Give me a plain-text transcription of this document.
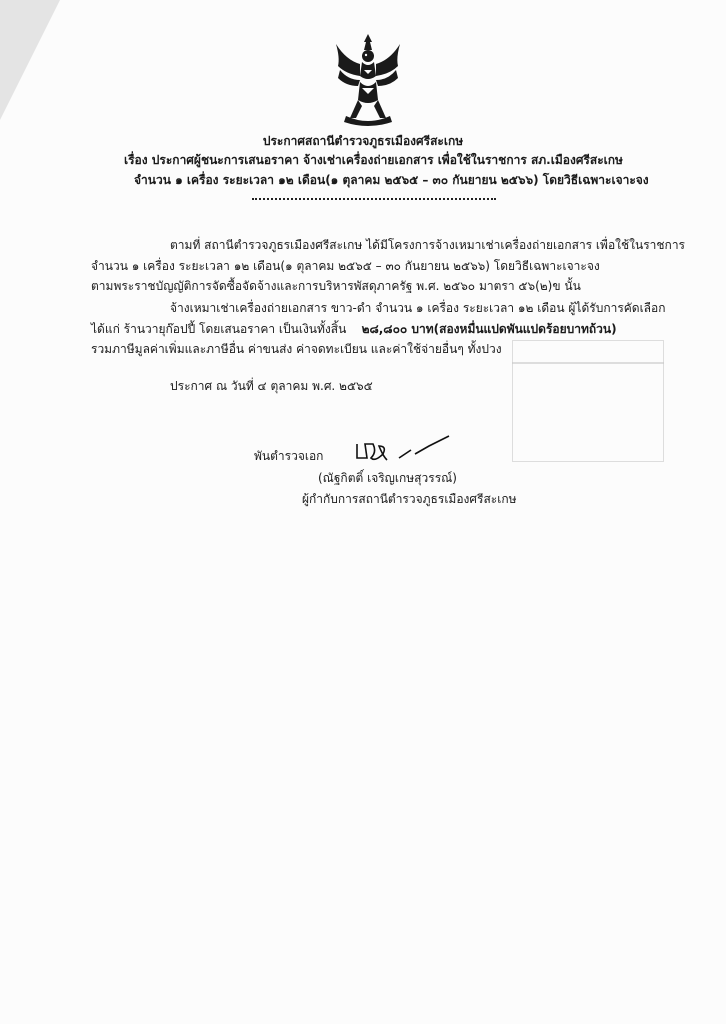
ประกาศสถานีตำรวจภูธรเมืองศรีสะเกษ
เรื่อง ประกาศผู้ชนะการเสนอราคา จ้างเช่าเครื่องถ่ายเอกสาร เพื่อใช้ในราชการ สภ.เมืองศรีสะเกษ
จำนวน ๑ เครื่อง ระยะเวลา ๑๒ เดือน(๑ ตุลาคม ๒๕๖๕ – ๓๐ กันยายน ๒๕๖๖) โดยวิธีเฉพาะเจาะจง
ตามที่ สถานีตำรวจภูธรเมืองศรีสะเกษ ได้มีโครงการจ้างเหมาเช่าเครื่องถ่ายเอกสาร เพื่อใช้ในราชการ
จำนวน ๑ เครื่อง ระยะเวลา ๑๒ เดือน(๑ ตุลาคม ๒๕๖๕ – ๓๐ กันยายน ๒๕๖๖) โดยวิธีเฉพาะเจาะจง
ตามพระราชบัญญัติการจัดซื้อจัดจ้างและการบริหารพัสดุภาครัฐ พ.ศ. ๒๕๖๐ มาตรา ๕๖(๒)ข นั้น
จ้างเหมาเช่าเครื่องถ่ายเอกสาร ขาว-ดำ จำนวน ๑ เครื่อง ระยะเวลา ๑๒ เดือน ผู้ได้รับการคัดเลือก
ได้แก่ ร้านวายุก๊อปปี้ โดยเสนอราคา เป็นเงินทั้งสิ้น ๒๘,๘๐๐ บาท(สองหมื่นแปดพันแปดร้อยบาทถ้วน)
รวมภาษีมูลค่าเพิ่มและภาษีอื่น ค่าขนส่ง ค่าจดทะเบียน และค่าใช้จ่ายอื่นๆ ทั้งปวง
ประกาศ ณ วันที่ ๔ ตุลาคม พ.ศ. ๒๕๖๕
พันตำรวจเอก
(ณัฐกิตติ์ เจริญเกษสุวรรณ์)
ผู้กำกับการสถานีตำรวจภูธรเมืองศรีสะเกษ
